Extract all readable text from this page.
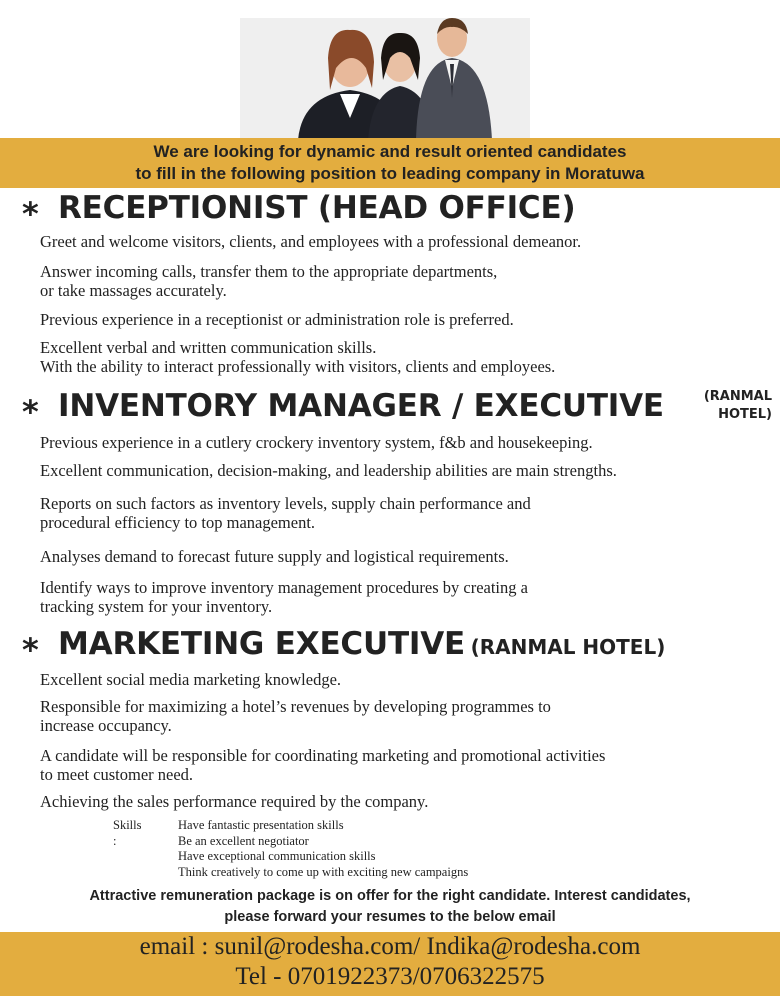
We are looking for dynamic and result oriented candidates
to fill in the following position to leading company in Moratuwa
* RECEPTIONIST (HEAD OFFICE)
Greet and welcome visitors, clients, and employees with a professional demeanor.
Answer incoming calls, transfer them to the appropriate departments,
or take massages accurately.
Previous experience in a receptionist or administration role is preferred.
Excellent verbal and written communication skills.
With the ability to interact professionally with visitors, clients and employees.
* INVENTORY MANAGER / EXECUTIVE	(RANMAL
HOTEL)
Previous experience in a cutlery crockery inventory system, f&b and housekeeping.
Excellent communication, decision-making, and leadership abilities are main strengths.
Reports on such factors as inventory levels, supply chain performance and
procedural efficiency to top management.
Analyses demand to forecast future supply and logistical requirements.
Identify ways to improve inventory management procedures by creating a
tracking system for your inventory.
* MARKETING EXECUTIVE (RANMAL HOTEL)
Excellent social media marketing knowledge.
Responsible for maximizing a hotel’s revenues by developing programmes to
increase occupancy.
A candidate will be responsible for coordinating marketing and promotional activities
to meet customer need.
Achieving the sales performance required by the company.
Skills :
Have fantastic presentation skills
Be an excellent negotiator
Have exceptional communication skills
Think creatively to come up with exciting new campaigns
Attractive remuneration package is on offer for the right candidate. Interest candidates,
please forward your resumes to the below email
email : sunil@rodesha.com/ Indika@rodesha.com
Tel - 0701922373/0706322575
